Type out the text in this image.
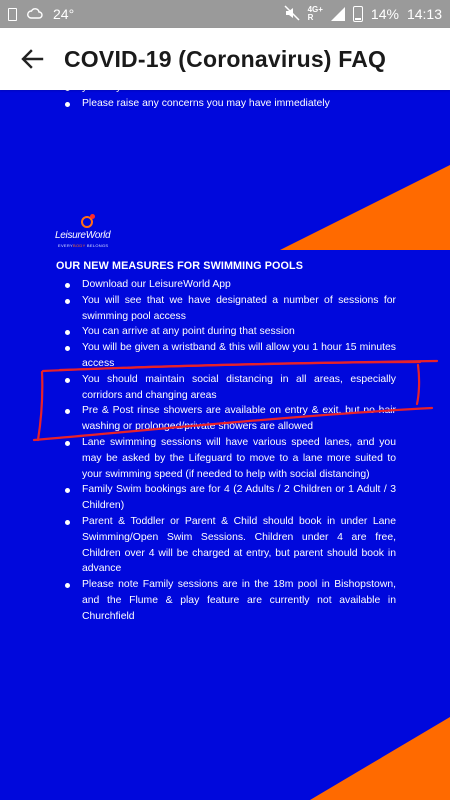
24°	4G+
R	14% 14:13
COVID-19 (Coronavirus) FAQ
Please raise any concerns you may have immediately
LeisureWorld
EVERYBODY BELONGS
OUR NEW MEASURES FOR SWIMMING POOLS
Download our LeisureWorld App
You will see that we have designated a number of sessions for swimming pool access
You can arrive at any point during that session
You will be given a wristband & this will allow you 1 hour 15 minutes access
You should maintain social distancing in all areas, especially corridors and changing areas
Pre & Post rinse showers are available on entry & exit, but no hair washing or prolonged/private showers are allowed
Lane swimming sessions will have various speed lanes, and you may be asked by the Lifeguard to move to a lane more suited to your swimming speed (if needed to help with social distancing)
Family Swim bookings are for 4 (2 Adults / 2 Children or 1 Adult / 3 Children)
Parent & Toddler or Parent & Child should book in under Lane Swimming/Open Swim Sessions. Children under 4 are free, Children over 4 will be charged at entry, but parent should book in advance
Please note Family sessions are in the 18m pool in Bishopstown, and the Flume & play feature are currently not available in Churchfield
